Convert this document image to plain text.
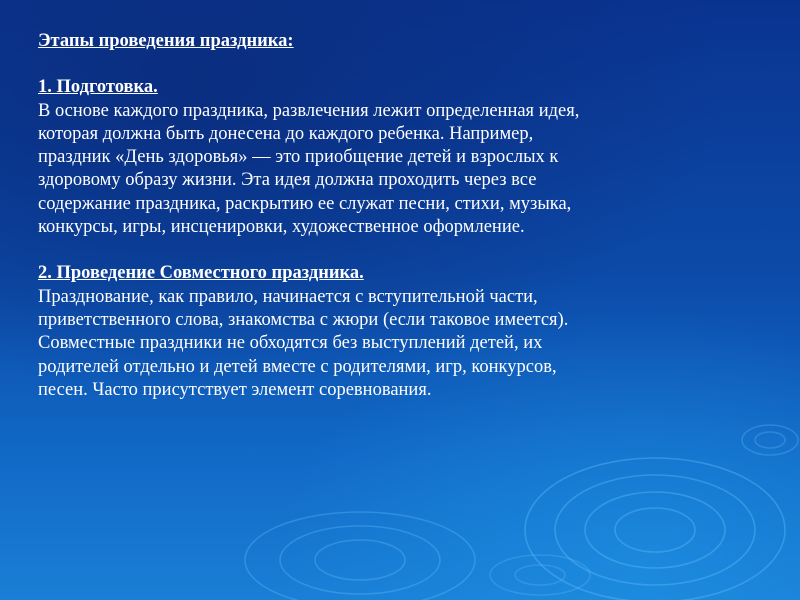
Этапы проведения праздника:

1. Подготовка.

В основе каждого праздника, развлечения лежит определенная идея,

которая должна быть донесена до каждого ребенка. Например,

праздник «День здоровья» — это приобщение детей и взрослых к

здоровому образу жизни. Эта идея должна проходить через все

содержание праздника, раскрытию ее служат песни, стихи, музыка,

конкурсы, игры, инсценировки, художественное оформление.

2. Проведение Совместного праздника.

Празднование, как правило, начинается с вступительной части,

приветственного слова, знакомства с жюри (если таковое имеется).

Совместные праздники не обходятся без выступлений детей, их

родителей отдельно и детей вместе с родителями, игр, конкурсов,

песен. Часто присутствует элемент соревнования.
